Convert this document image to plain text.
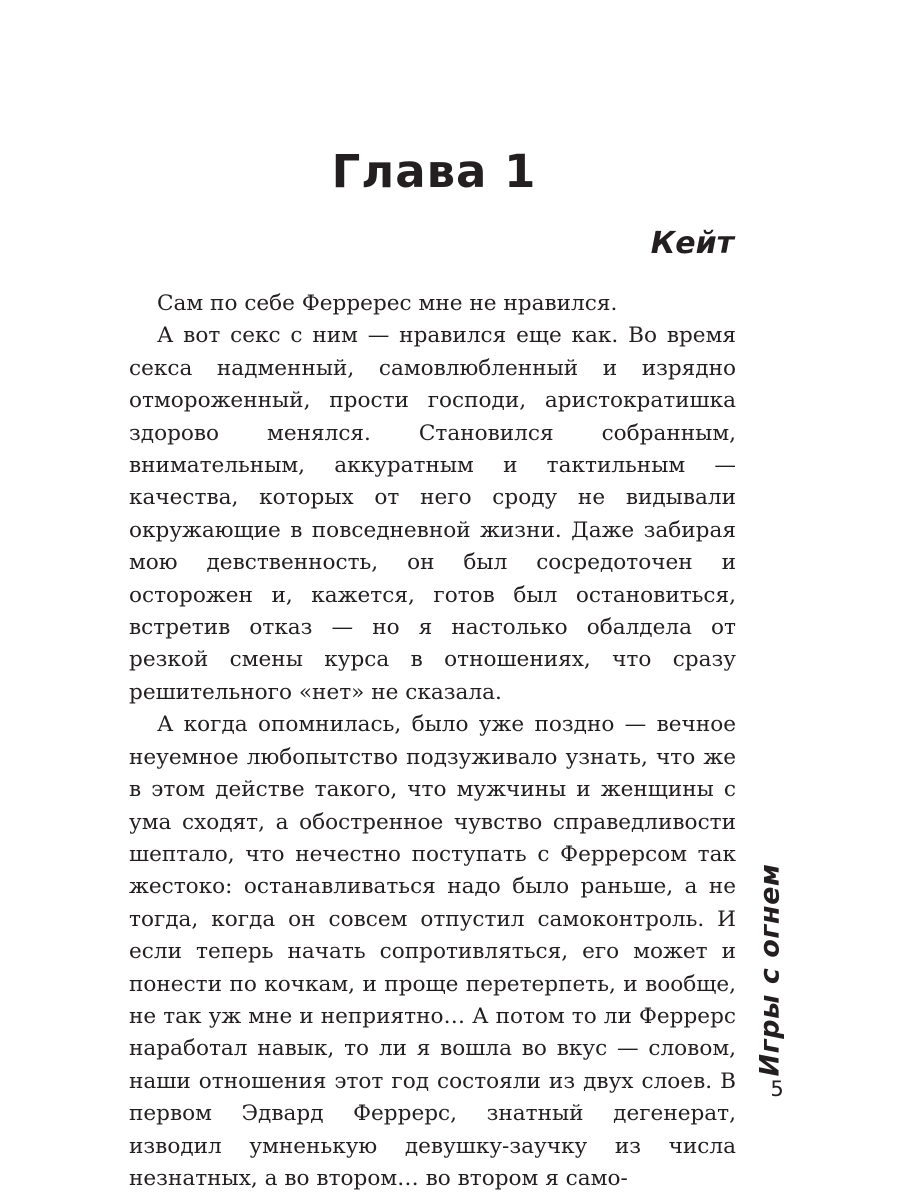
Глава 1
Кейт

Сам по себе Ферререс мне не нравился.

А вот секс с ним — нравился еще как. Во время секса надменный, самовлюбленный и изрядно отмороженный, прости господи, аристократишка здорово менялся. Становился собранным, внимательным, аккуратным и тактильным — качества, которых от него сроду не видывали окружающие в повседневной жизни. Даже забирая мою девственность, он был сосредоточен и осторожен и, кажется, готов был остановиться, встретив отказ — но я настолько обалдела от резкой смены курса в отношениях, что сразу решительного «нет» не сказала.

А когда опомнилась, было уже поздно — вечное неуемное любопытство подзуживало узнать, что же в этом действе такого, что мужчины и женщины с ума сходят, а обостренное чувство справедливости шептало, что нечестно поступать с Феррерсом так жестоко: останавливаться надо было раньше, а не тогда, когда он совсем отпустил самоконтроль. И если теперь начать сопротивляться, его может и понести по кочкам, и проще перетерпеть, и вообще, не так уж мне и неприятно… А потом то ли Феррерс наработал навык, то ли я вошла во вкус — словом, наши отношения этот год состояли из двух слоев. В первом Эдвард Феррерс, знатный дегенерат, изводил умненькую девушку-заучку из числа незнатных, а во втором… во втором я само-

Игры с огнем
5
